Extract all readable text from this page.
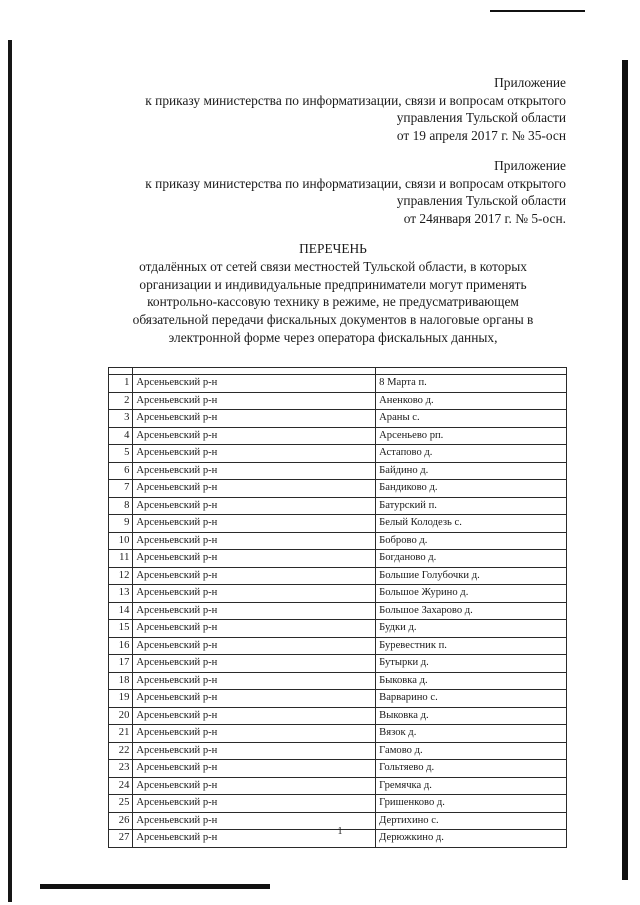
Приложение
к приказу министерства по информатизации, связи и вопросам открытого
управления Тульской области
от 19 апреля 2017 г. № 35-осн
Приложение
к приказу министерства по информатизации, связи и вопросам открытого
управления Тульской области
от 24января 2017 г. № 5-осн.
ПЕРЕЧЕНЬ
отдалённых от сетей связи местностей Тульской области, в которых
организации и индивидуальные предприниматели могут применять
контрольно-кассовую технику в режиме, не предусматривающем
обязательной передачи фискальных документов в налоговые органы в
электронной форме через оператора фискальных данных,

1	Арсеньевский р-н	8 Марта п.
2	Арсеньевский р-н	Аненково д.
3	Арсеньевский р-н	Араны с.
4	Арсеньевский р-н	Арсеньево рп.
5	Арсеньевский р-н	Астапово д.
6	Арсеньевский р-н	Байдино д.
7	Арсеньевский р-н	Бандиково д.
8	Арсеньевский р-н	Батурский п.
9	Арсеньевский р-н	Белый Колодезь с.
10	Арсеньевский р-н	Боброво д.
11	Арсеньевский р-н	Богданово д.
12	Арсеньевский р-н	Большие Голубочки д.
13	Арсеньевский р-н	Большое Журино д.
14	Арсеньевский р-н	Большое Захарово д.
15	Арсеньевский р-н	Будки д.
16	Арсеньевский р-н	Буревестник п.
17	Арсеньевский р-н	Бутырки д.
18	Арсеньевский р-н	Быковка д.
19	Арсеньевский р-н	Варварино с.
20	Арсеньевский р-н	Выковка д.
21	Арсеньевский р-н	Вязок д.
22	Арсеньевский р-н	Гамово д.
23	Арсеньевский р-н	Гольтяево д.
24	Арсеньевский р-н	Гремячка д.
25	Арсеньевский р-н	Гришенково д.
26	Арсеньевский р-н	Дертихино с.
27	Арсеньевский р-н	Дерюжкино д.
1
